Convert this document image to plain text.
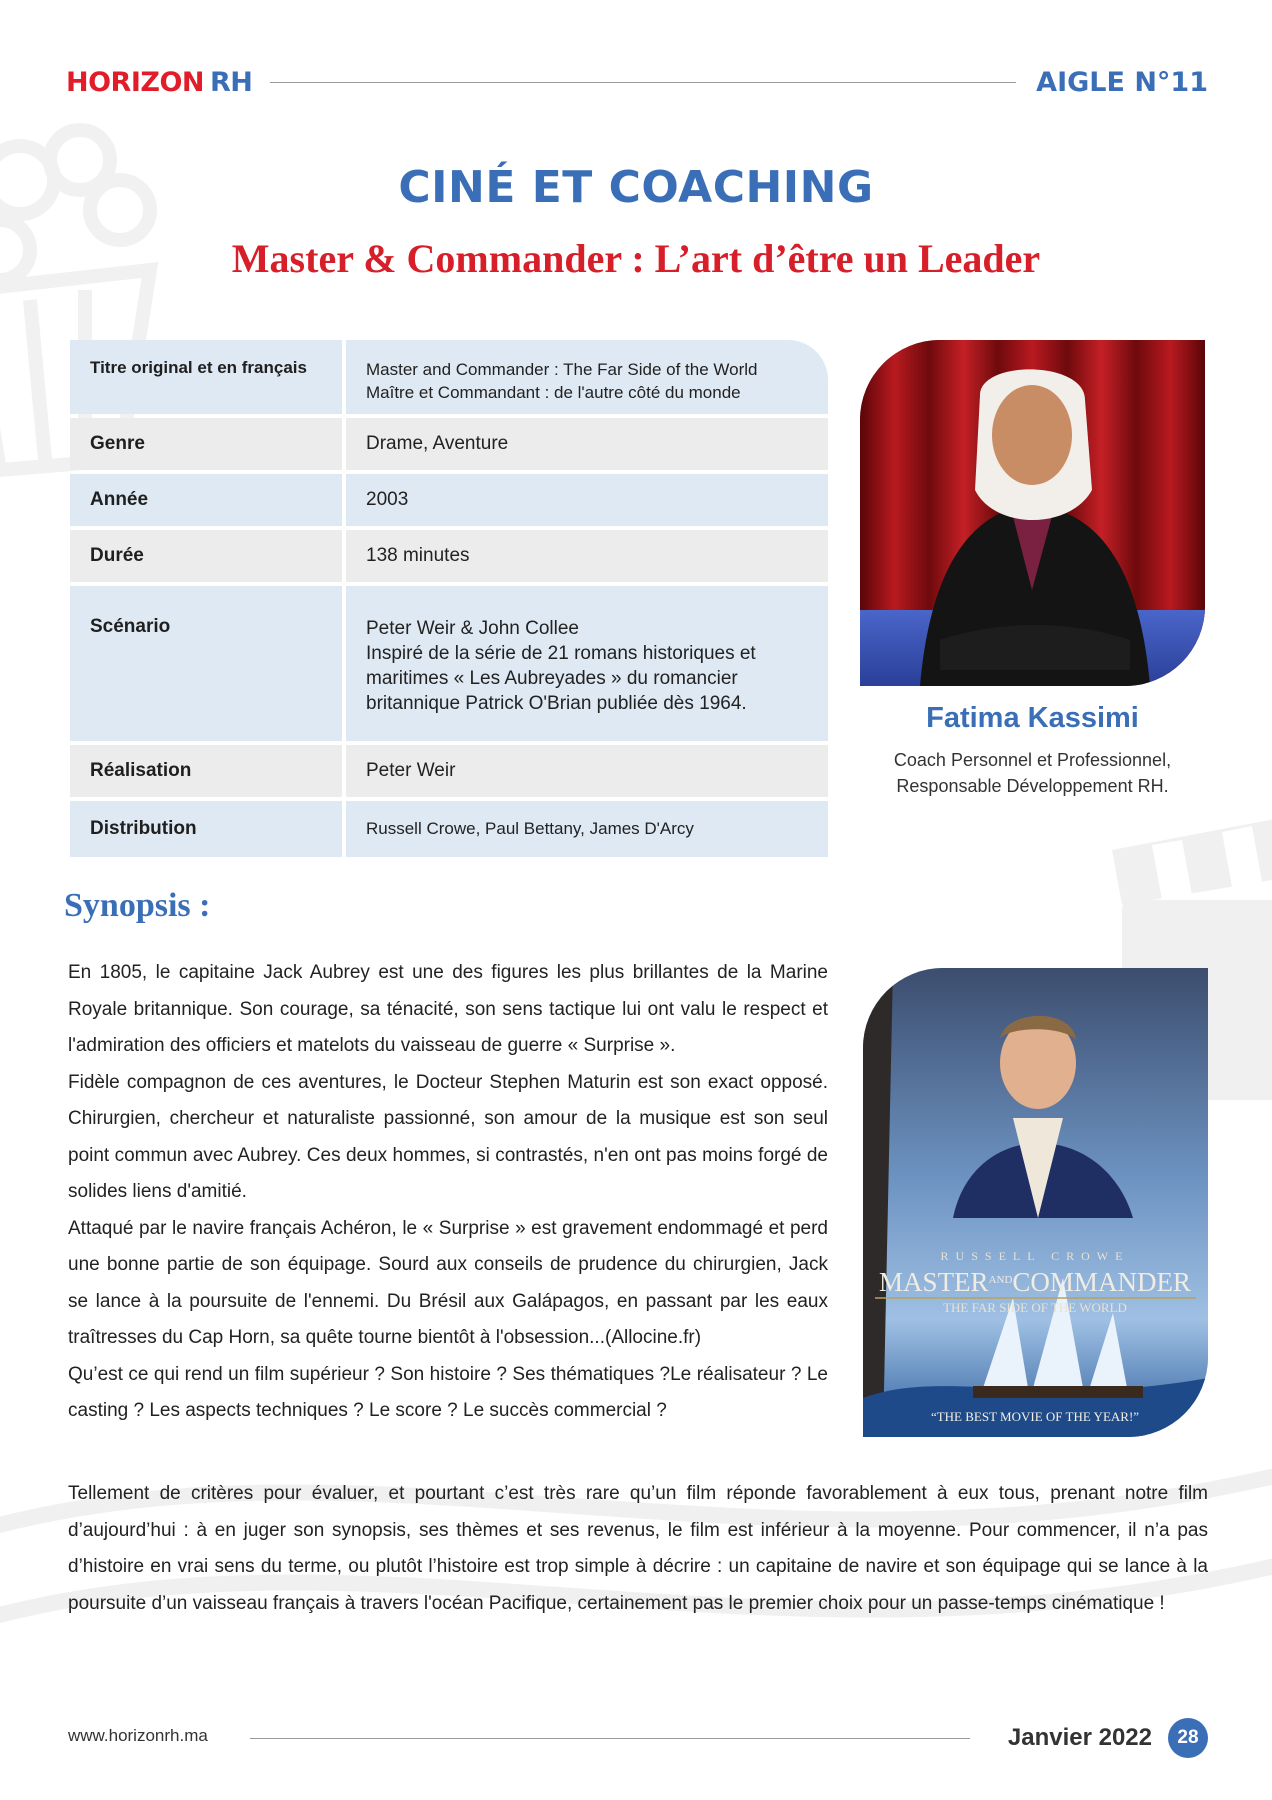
HORIZON RH	AIGLE N°11
CINÉ ET COACHING
Master & Commander : L’art d’être un Leader
Titre original et en français	Master and Commander : The Far Side of the World
Maître et Commandant : de l'autre côté du monde

Genre	Drame, Aventure
Année	2003
Durée	138 minutes
Scénario	Peter Weir & John Collee
Inspiré de la série de 21 romans historiques et
maritimes « Les Aubreyades » du romancier
britannique Patrick O'Brian publiée dès 1964.

Réalisation	Peter Weir
Distribution	Russell Crowe, Paul Bettany, James D'Arcy
Fatima Kassimi
Coach Personnel et Professionnel,
Responsable Développement RH.
Synopsis :

En 1805, le capitaine Jack Aubrey est une des figures les plus brillantes de la Marine Royale britannique. Son courage, sa ténacité, son sens tactique lui ont valu le respect et l'admiration des officiers et matelots du vaisseau de guerre « Surprise ».

Fidèle compagnon de ces aventures, le Docteur Stephen Maturin est son exact opposé. Chirurgien, chercheur et naturaliste passionné, son amour de la musique est son seul point commun avec Aubrey. Ces deux hommes, si contrastés, n'en ont pas moins forgé de solides liens d'amitié.

Attaqué par le navire français Achéron, le « Surprise » est gravement endommagé et perd une bonne partie de son équipage. Sourd aux conseils de prudence du chirurgien, Jack se lance à la poursuite de l'ennemi. Du Brésil aux Galápagos, en passant par les eaux traîtresses du Cap Horn, sa quête tourne bientôt à l'obsession...(Allocine.fr)

Qu’est ce qui rend un film supérieur ? Son histoire ? Ses thématiques ?Le réalisateur ? Le casting ? Les aspects techniques ? Le score ? Le succès commercial ?

RUSSELL CROWE
$MASTER^{AND}COMMANDER$
THE FAR SIDE OF THE WORLD
“THE BEST MOVIE OF THE YEAR!”

Tellement de critères pour évaluer, et pourtant c’est très rare qu’un film réponde favorablement à eux tous, prenant notre film d’aujourd’hui : à en juger son synopsis, ses thèmes et ses revenus, le film est inférieur à la moyenne. Pour commencer, il n’a pas d’histoire en vrai sens du terme, ou plutôt l’histoire est trop simple à décrire : un capitaine de navire et son équipage qui se lance à la poursuite d’un vaisseau français à travers l'océan Pacifique, certainement pas le premier choix pour un passe-temps cinématique !

www.horizonrh.ma	Janvier 2022	28
